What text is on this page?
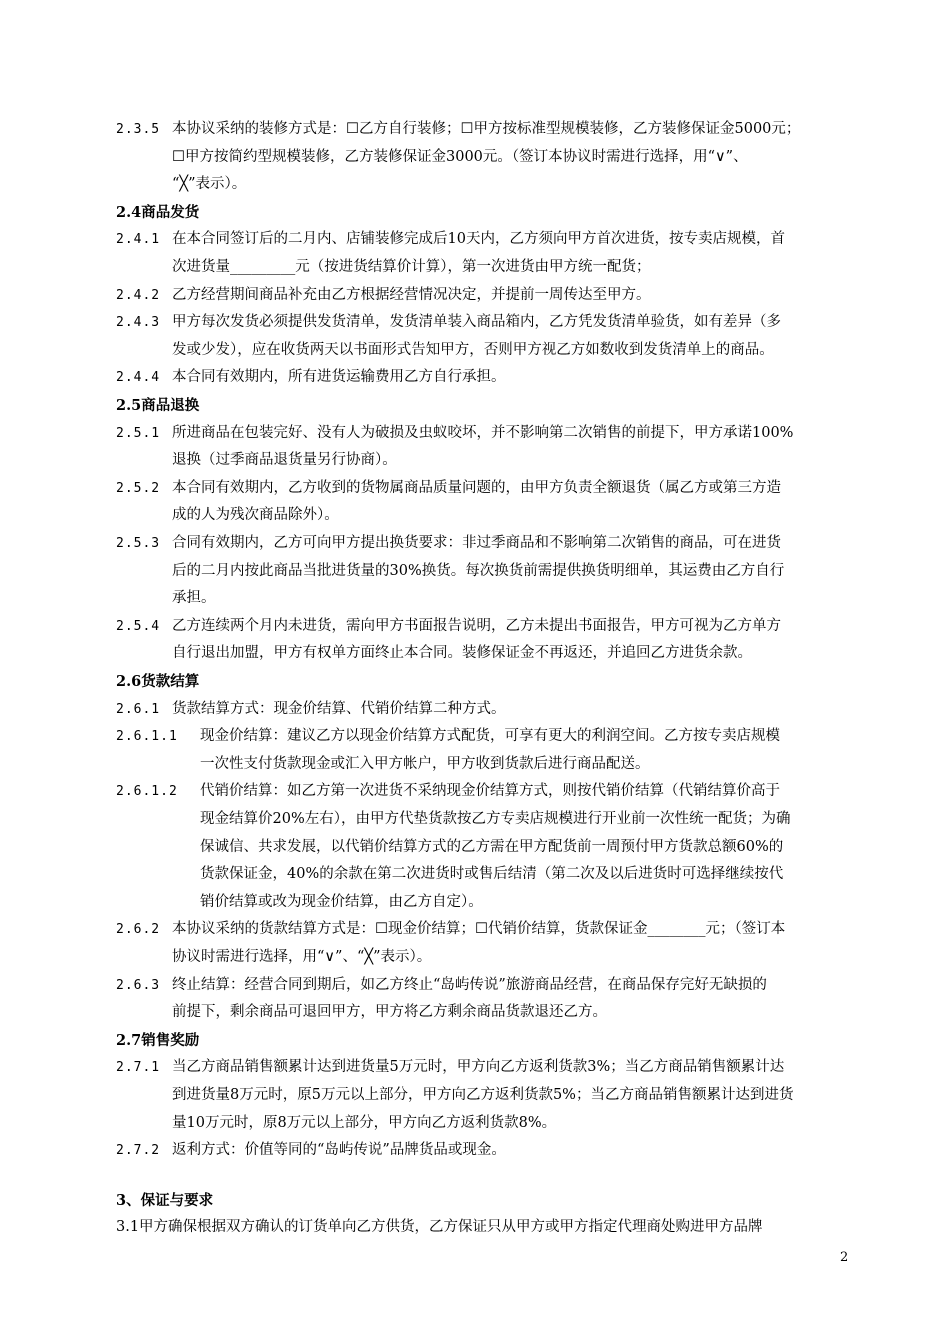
2
2.3.5 本协议采纳的装修方式是：☐乙方自行装修；☐甲方按标准型规模装修，乙方装修保证金5000元；
☐甲方按简约型规模装修，乙方装修保证金3000元。（签订本协议时需进行选择，用“∨”、
“╳”表示）。
2.4商品发货
2.4.1 在本合同签订后的二月内、店铺装修完成后10天内，乙方须向甲方首次进货，按专卖店规模，首
次进货量_________元（按进货结算价计算），第一次进货由甲方统一配货；
2.4.2 乙方经营期间商品补充由乙方根据经营情况决定，并提前一周传达至甲方。
2.4.3 甲方每次发货必须提供发货清单，发货清单装入商品箱内，乙方凭发货清单验货，如有差异（多
发或少发），应在收货两天以书面形式告知甲方，否则甲方视乙方如数收到发货清单上的商品。
2.4.4 本合同有效期内，所有进货运输费用乙方自行承担。
2.5商品退换
2.5.1 所进商品在包装完好、没有人为破损及虫蚁咬坏，并不影响第二次销售的前提下，甲方承诺100%
退换（过季商品退货量另行协商）。
2.5.2 本合同有效期内，乙方收到的货物属商品质量问题的，由甲方负责全额退货（属乙方或第三方造
成的人为残次商品除外）。
2.5.3 合同有效期内，乙方可向甲方提出换货要求：非过季商品和不影响第二次销售的商品，可在进货
后的二月内按此商品当批进货量的30%换货。每次换货前需提供换货明细单，其运费由乙方自行
承担。
2.5.4 乙方连续两个月内未进货，需向甲方书面报告说明，乙方未提出书面报告，甲方可视为乙方单方
自行退出加盟，甲方有权单方面终止本合同。装修保证金不再返还，并追回乙方进货余款。
2.6货款结算
2.6.1 货款结算方式：现金价结算、代销价结算二种方式。
2.6.1.1 现金价结算：建议乙方以现金价结算方式配货，可享有更大的利润空间。乙方按专卖店规模
一次性支付货款现金或汇入甲方帐户，甲方收到货款后进行商品配送。
2.6.1.2 代销价结算：如乙方第一次进货不采纳现金价结算方式，则按代销价结算（代销结算价高于
现金结算价20%左右），由甲方代垫货款按乙方专卖店规模进行开业前一次性统一配货；为确
保诚信、共求发展，以代销价结算方式的乙方需在甲方配货前一周预付甲方货款总额60%的
货款保证金，40%的余款在第二次进货时或售后结清（第二次及以后进货时可选择继续按代
销价结算或改为现金价结算，由乙方自定）。
2.6.2 本协议采纳的货款结算方式是：☐现金价结算；☐代销价结算，货款保证金________元；（签订本
协议时需进行选择，用“∨”、“╳”表示）。
2.6.3 终止结算：经营合同到期后，如乙方终止“岛屿传说”旅游商品经营，在商品保存完好无缺损的
前提下，剩余商品可退回甲方，甲方将乙方剩余商品货款退还乙方。
2.7销售奖励
2.7.1 当乙方商品销售额累计达到进货量5万元时，甲方向乙方返利货款3%；当乙方商品销售额累计达
到进货量8万元时，原5万元以上部分，甲方向乙方返利货款5%；当乙方商品销售额累计达到进货
量10万元时，原8万元以上部分，甲方向乙方返利货款8%。
2.7.2 返利方式：价值等同的“岛屿传说”品牌货品或现金。
3、保证与要求
3.1甲方确保根据双方确认的订货单向乙方供货，乙方保证只从甲方或甲方指定代理商处购进甲方品牌
